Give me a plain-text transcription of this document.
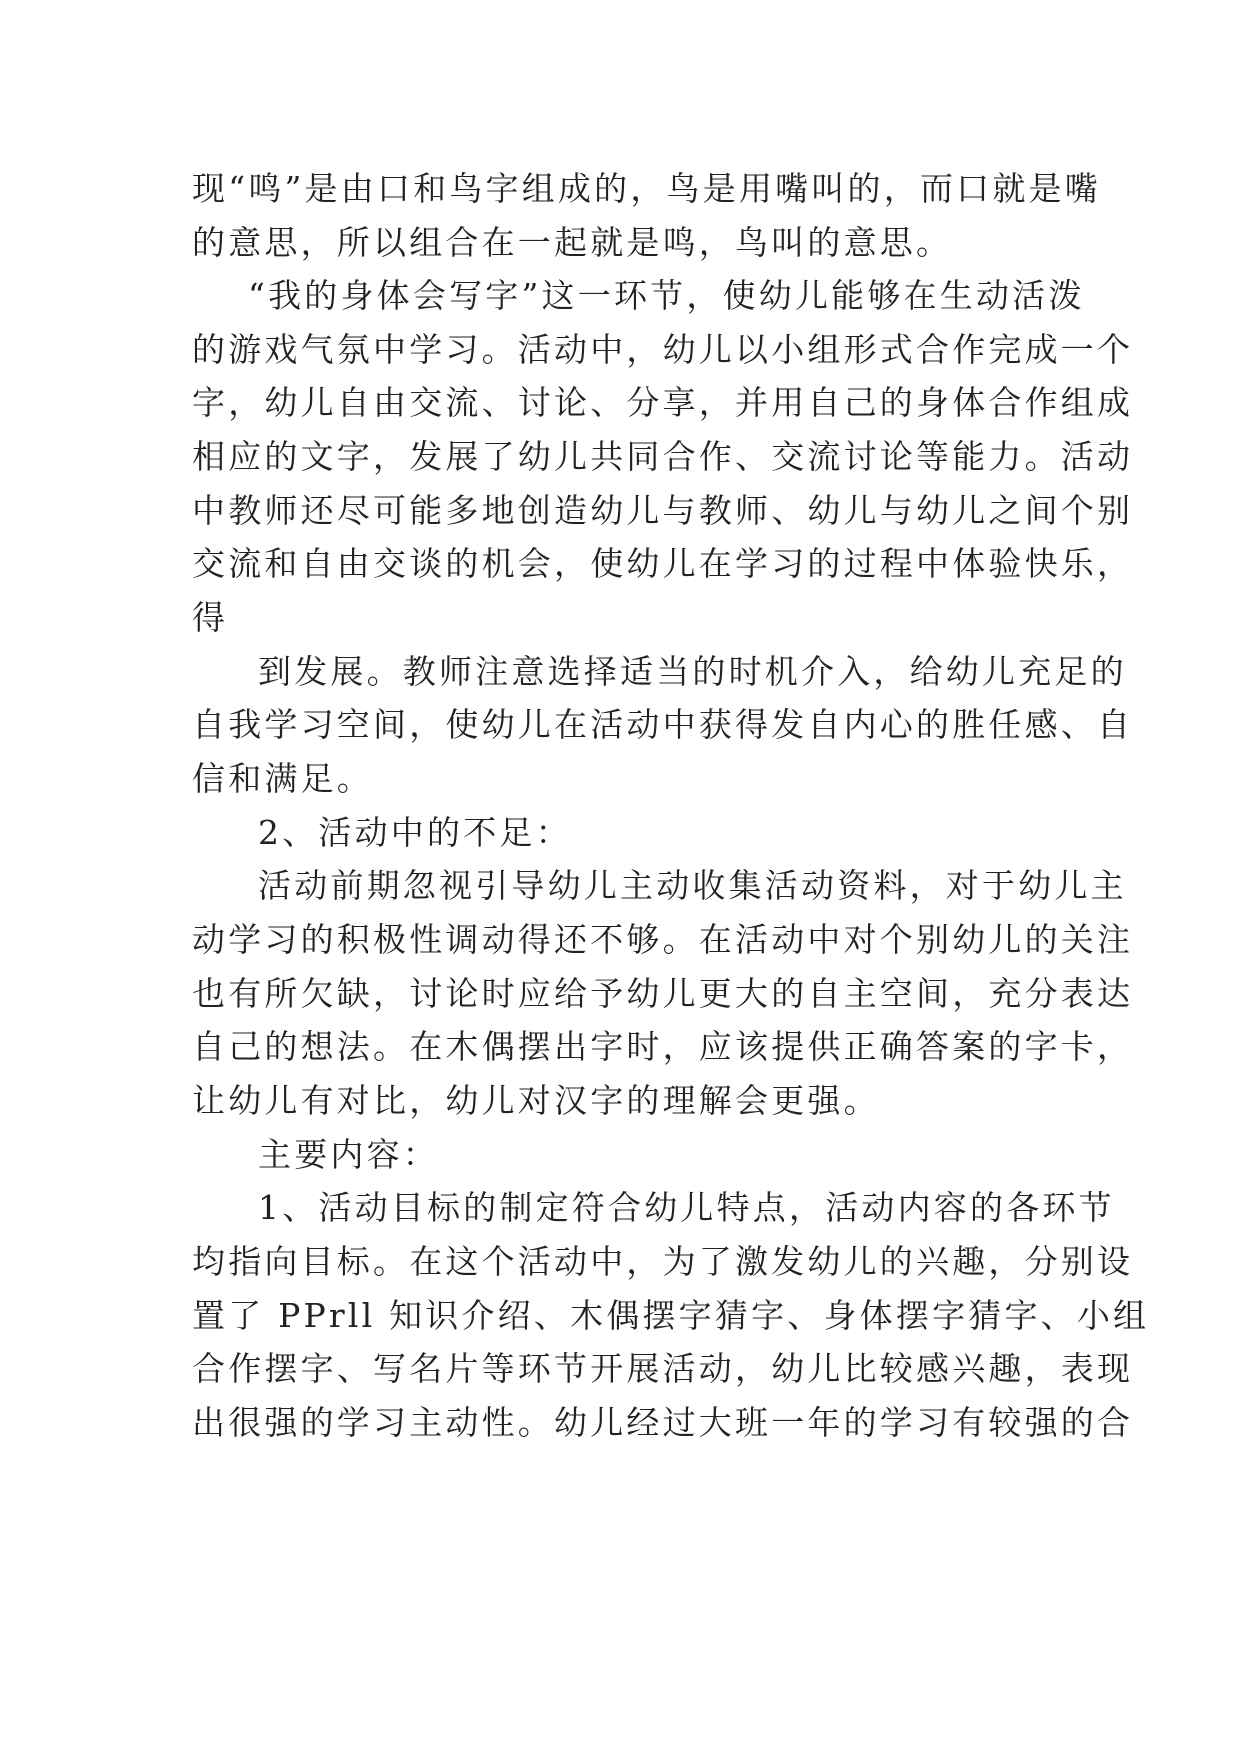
现“鸣”是由口和鸟字组成的，鸟是用嘴叫的，而口就是嘴
的意思，所以组合在一起就是鸣，鸟叫的意思。
“我的身体会写字”这一环节，使幼儿能够在生动活泼
的游戏气氛中学习。活动中，幼儿以小组形式合作完成一个
字，幼儿自由交流、讨论、分享，并用自己的身体合作组成
相应的文字，发展了幼儿共同合作、交流讨论等能力。活动
中教师还尽可能多地创造幼儿与教师、幼儿与幼儿之间个别
交流和自由交谈的机会，使幼儿在学习的过程中体验快乐，
得
到发展。教师注意选择适当的时机介入，给幼儿充足的
自我学习空间，使幼儿在活动中获得发自内心的胜任感、自
信和满足。
2、活动中的不足：
活动前期忽视引导幼儿主动收集活动资料，对于幼儿主
动学习的积极性调动得还不够。在活动中对个别幼儿的关注
也有所欠缺，讨论时应给予幼儿更大的自主空间，充分表达
自己的想法。在木偶摆出字时，应该提供正确答案的字卡，
让幼儿有对比，幼儿对汉字的理解会更强。
主要内容：
1、活动目标的制定符合幼儿特点，活动内容的各环节
均指向目标。在这个活动中，为了激发幼儿的兴趣，分别设
置了 PPrll 知识介绍、木偶摆字猜字、身体摆字猜字、小组
合作摆字、写名片等环节开展活动，幼儿比较感兴趣，表现
出很强的学习主动性。幼儿经过大班一年的学习有较强的合
